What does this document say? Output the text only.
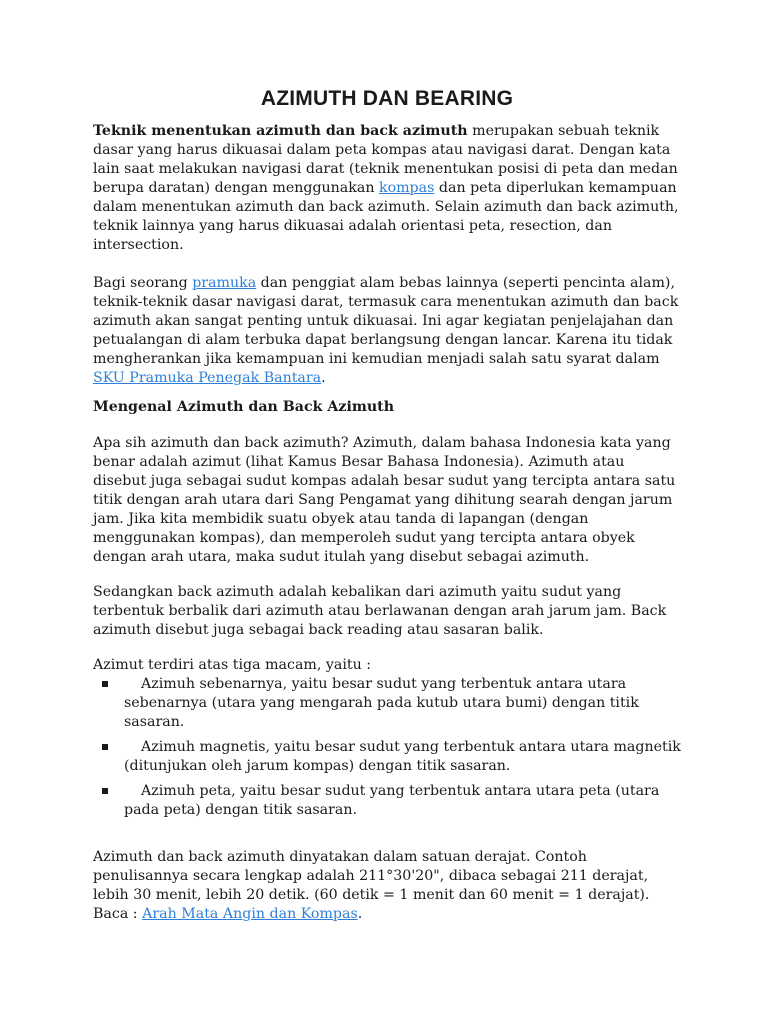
AZIMUTH DAN BEARING

Teknik menentukan azimuth dan back azimuth merupakan sebuah teknik dasar yang harus dikuasai dalam peta kompas atau navigasi darat. Dengan kata lain saat melakukan navigasi darat (teknik menentukan posisi di peta dan medan berupa daratan) dengan menggunakan kompas dan peta diperlukan kemampuan dalam menentukan azimuth dan back azimuth. Selain azimuth dan back azimuth, teknik lainnya yang harus dikuasai adalah orientasi peta, resection, dan intersection.

Bagi seorang pramuka dan penggiat alam bebas lainnya (seperti pencinta alam), teknik-teknik dasar navigasi darat, termasuk cara menentukan azimuth dan back azimuth akan sangat penting untuk dikuasai. Ini agar kegiatan penjelajahan dan petualangan di alam terbuka dapat berlangsung dengan lancar. Karena itu tidak mengherankan jika kemampuan ini kemudian menjadi salah satu syarat dalam SKU Pramuka Penegak Bantara.

Mengenal Azimuth dan Back Azimuth

Apa sih azimuth dan back azimuth? Azimuth, dalam bahasa Indonesia kata yang benar adalah azimut (lihat Kamus Besar Bahasa Indonesia). Azimuth atau disebut juga sebagai sudut kompas adalah besar sudut yang tercipta antara satu titik dengan arah utara dari Sang Pengamat yang dihitung searah dengan jarum jam. Jika kita membidik suatu obyek atau tanda di lapangan (dengan menggunakan kompas), dan memperoleh sudut yang tercipta antara obyek dengan arah utara, maka sudut itulah yang disebut sebagai azimuth.

Sedangkan back azimuth adalah kebalikan dari azimuth yaitu sudut yang terbentuk berbalik dari azimuth atau berlawanan dengan arah jarum jam. Back azimuth disebut juga sebagai back reading atau sasaran balik.

Azimut terdiri atas tiga macam, yaitu :

Azimuh sebenarnya, yaitu besar sudut yang terbentuk antara utara sebenarnya (utara yang mengarah pada kutub utara bumi) dengan titik sasaran.
Azimuh magnetis, yaitu besar sudut yang terbentuk antara utara magnetik (ditunjukan oleh jarum kompas) dengan titik sasaran.
Azimuh peta, yaitu besar sudut yang terbentuk antara utara peta (utara pada peta) dengan titik sasaran.

Azimuth dan back azimuth dinyatakan dalam satuan derajat. Contoh penulisannya secara lengkap adalah 211°30'20", dibaca sebagai 211 derajat, lebih 30 menit, lebih 20 detik. (60 detik = 1 menit dan 60 menit = 1 derajat). Baca : Arah Mata Angin dan Kompas.
